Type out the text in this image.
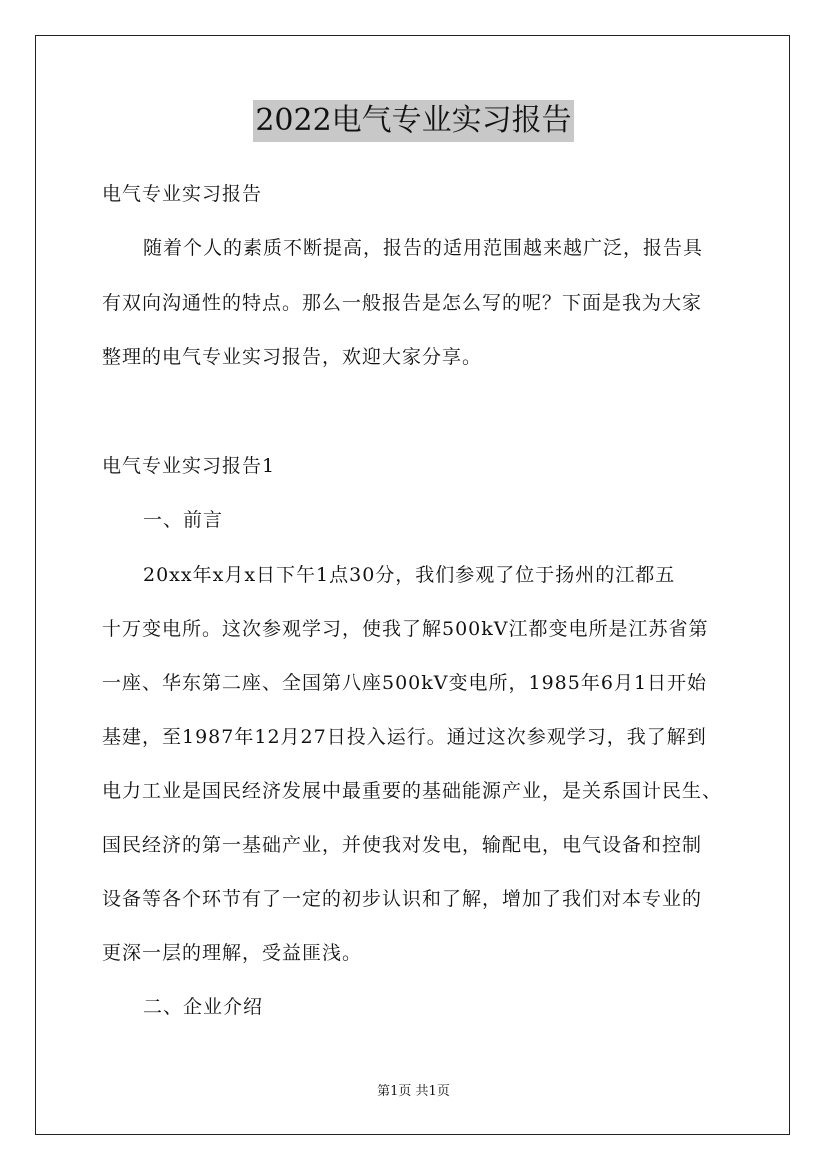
2022电气专业实习报告
电气专业实习报告
随着个人的素质不断提高，报告的适用范围越来越广泛，报告具
有双向沟通性的特点。那么一般报告是怎么写的呢？下面是我为大家
整理的电气专业实习报告，欢迎大家分享。
电气专业实习报告1
一、前言
20xx年x月x日下午1点30分，我们参观了位于扬州的江都五
十万变电所。这次参观学习，使我了解500kV江都变电所是江苏省第
一座、华东第二座、全国第八座500kV变电所，1985年6月1日开始
基建，至1987年12月27日投入运行。通过这次参观学习，我了解到
电力工业是国民经济发展中最重要的基础能源产业，是关系国计民生、
国民经济的第一基础产业，并使我对发电，输配电，电气设备和控制
设备等各个环节有了一定的初步认识和了解，增加了我们对本专业的
更深一层的理解，受益匪浅。
二、企业介绍
第1页 共1页
